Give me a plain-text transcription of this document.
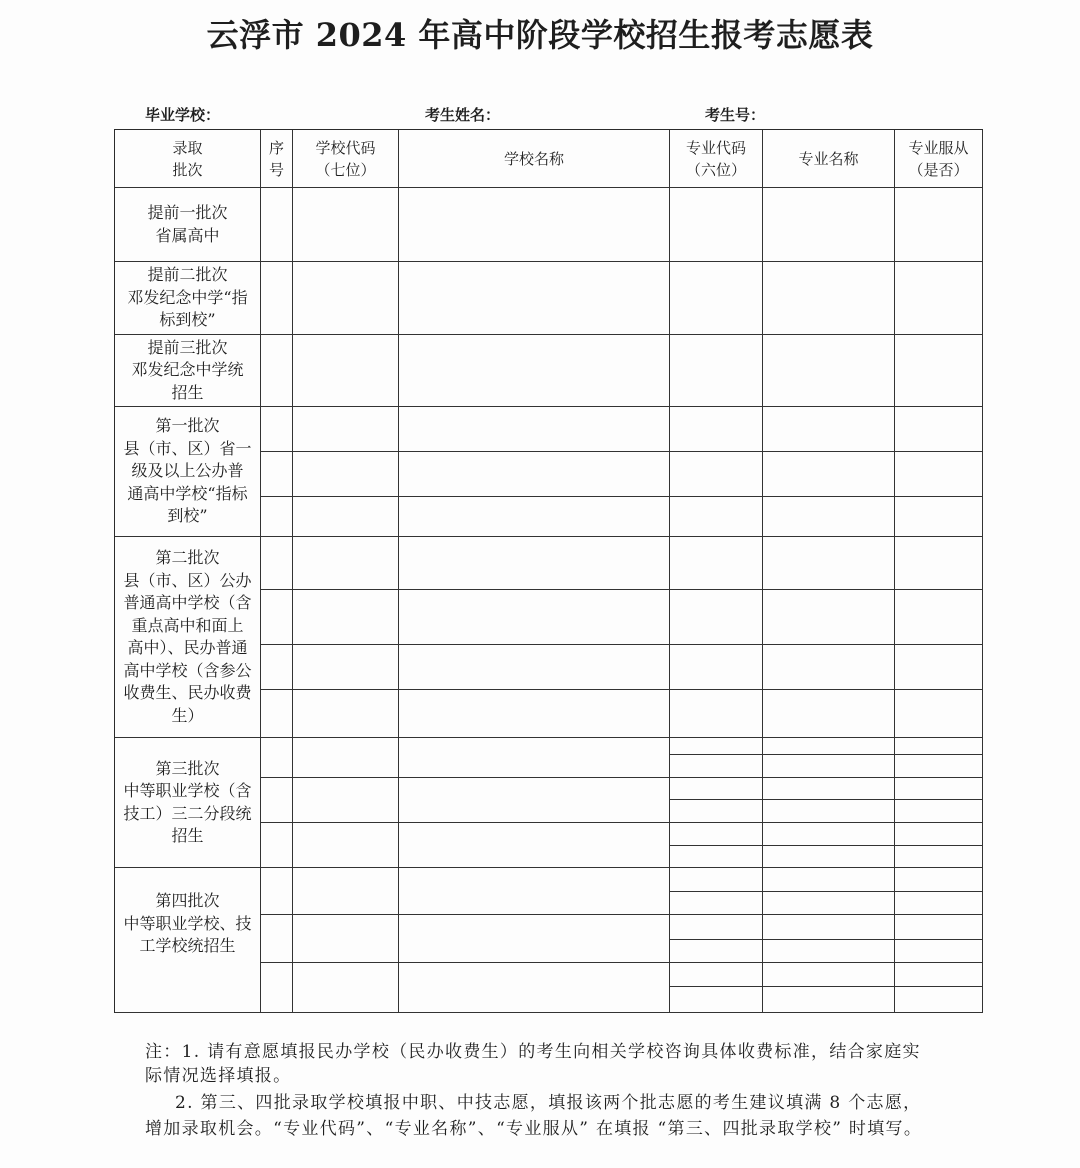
云浮市 2024 年高中阶段学校招生报考志愿表
毕业学校：	考生姓名：	考生号：
录取
批次
序
号
学校代码
（七位）
学校名称
专业代码
（六位）
专业名称
专业服从
（是否）
提前一批次
省属高中
提前二批次
邓发纪念中学“指
标到校”
提前三批次
邓发纪念中学统
招生
第一批次
县（市、区）省一
级及以上公办普
通高中学校“指标
到校”
第二批次
县（市、区）公办
普通高中学校（含
重点高中和面上
高中）、民办普通
高中学校（含参公
收费生、民办收费
生）
第三批次
中等职业学校（含
技工）三二分段统
招生
第四批次
中等职业学校、技
工学校统招生
注：1. 请有意愿填报民办学校（民办收费生）的考生向相关学校咨询具体收费标准，结合家庭实
际情况选择填报。
2. 第三、四批录取学校填报中职、中技志愿，填报该两个批志愿的考生建议填满 8 个志愿，
增加录取机会。“专业代码”、“专业名称”、“专业服从” 在填报 “第三、四批录取学校” 时填写。
